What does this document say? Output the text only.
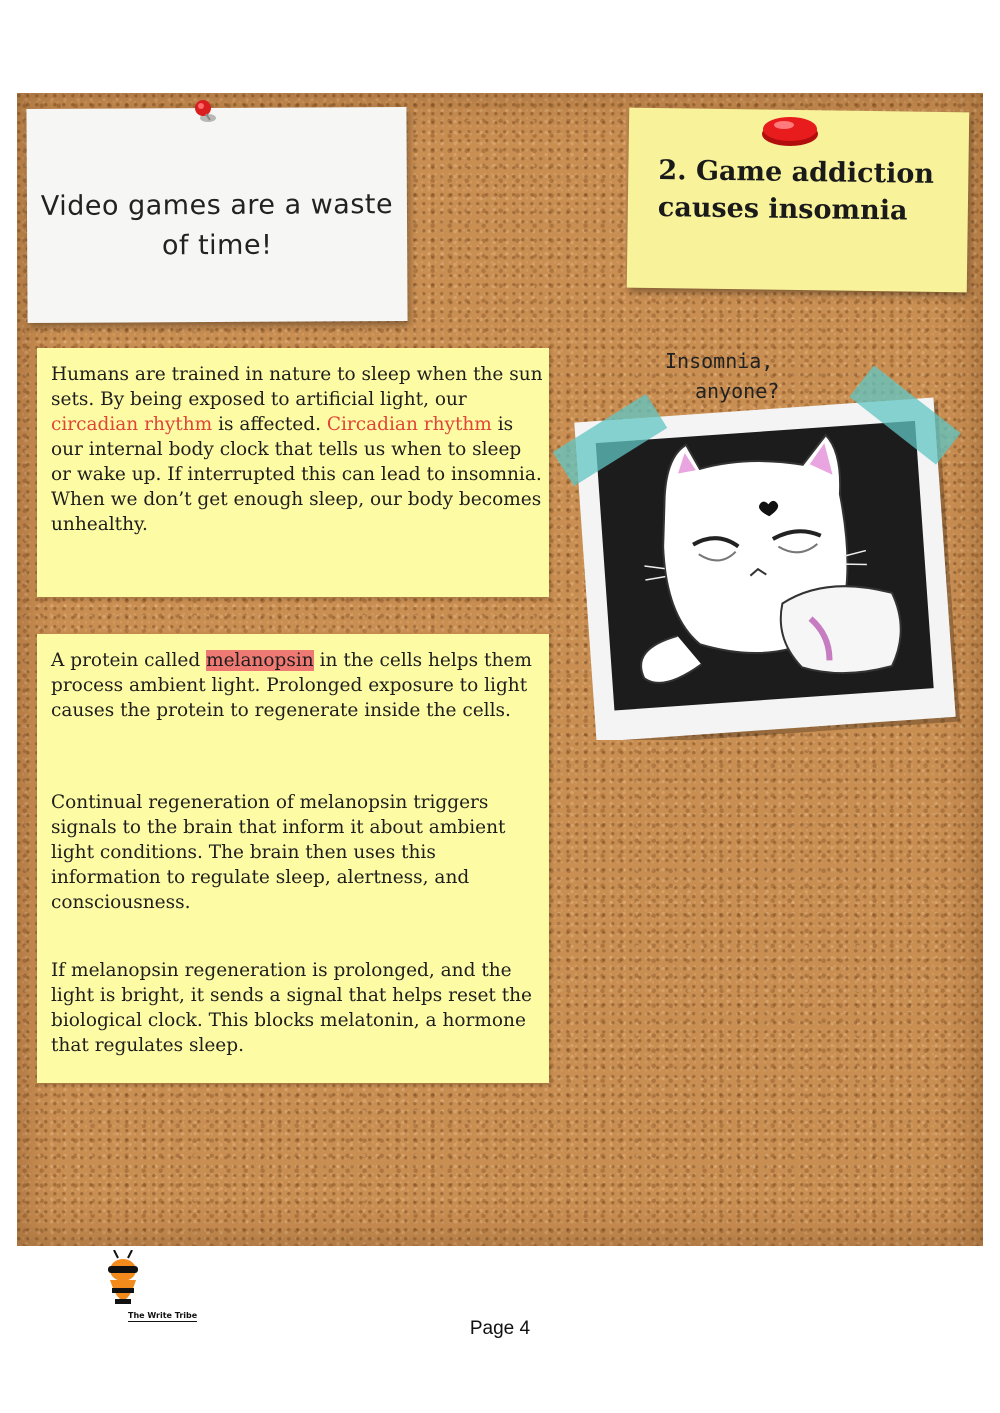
Video games are a waste of time!
2. Game addiction causes insomnia

Humans are trained in nature to sleep when the sun sets. By being exposed to artificial light, our circadian rhythm is affected. Circadian rhythm is our internal body clock that tells us when to sleep or wake up. If interrupted this can lead to insomnia. When we don’t get enough sleep, our body becomes unhealthy.

A protein called melanopsin in the cells helps them process ambient light. Prolonged exposure to light causes the protein to regenerate inside the cells.

Continual regeneration of melanopsin triggers signals to the brain that inform it about ambient light conditions. The brain then uses this information to regulate sleep, alertness, and consciousness.

If melanopsin regeneration is prolonged, and the light is bright, it sends a signal that helps reset the biological clock. This blocks melatonin, a hormone that regulates sleep.

Insomnia,
anyone?
The Write Tribe
Page 4
